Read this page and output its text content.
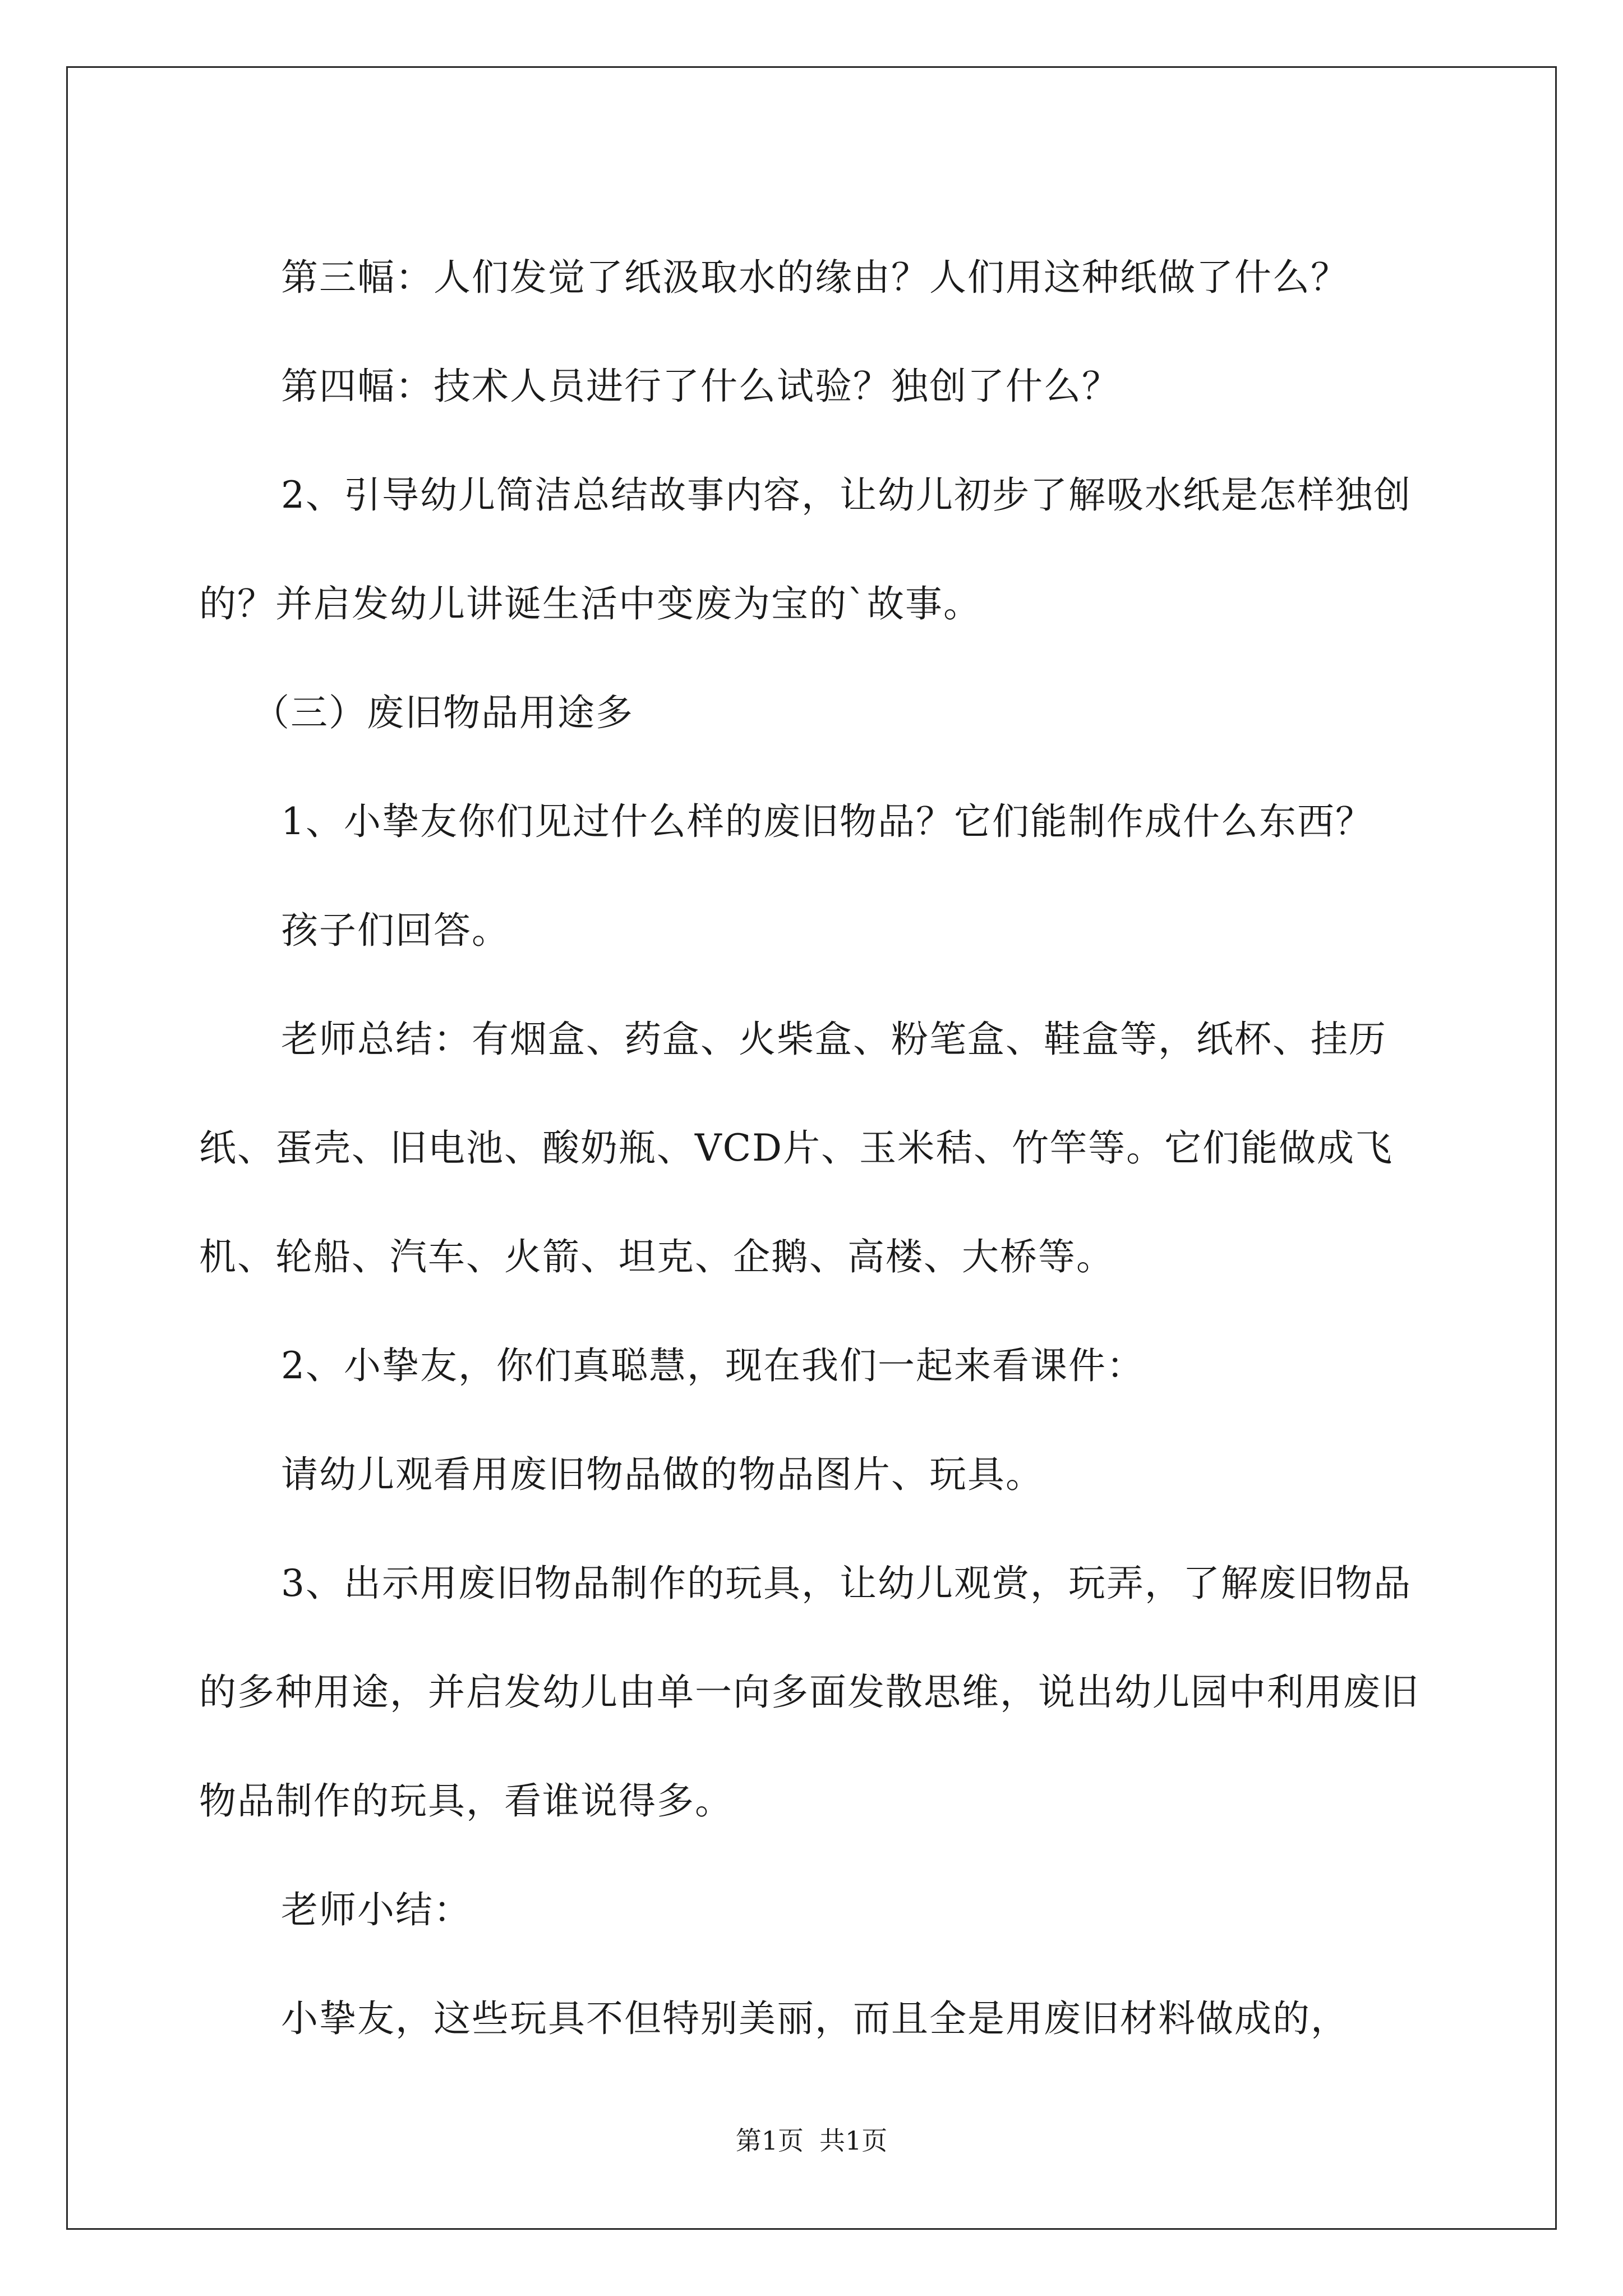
第三幅：人们发觉了纸汲取水的缘由？人们用这种纸做了什么？

第四幅：技术人员进行了什么试验？独创了什么？

2、引导幼儿简洁总结故事内容，让幼儿初步了解吸水纸是怎样独创的？并启发幼儿讲诞生活中变废为宝的`故事。

（三）废旧物品用途多

1、小挚友你们见过什么样的废旧物品？它们能制作成什么东西？

孩子们回答。

老师总结：有烟盒、药盒、火柴盒、粉笔盒、鞋盒等，纸杯、挂历纸、蛋壳、旧电池、酸奶瓶、VCD片、玉米秸、竹竿等。它们能做成飞机、轮船、汽车、火箭、坦克、企鹅、高楼、大桥等。

2、小挚友，你们真聪慧，现在我们一起来看课件：

请幼儿观看用废旧物品做的物品图片、玩具。

3、出示用废旧物品制作的玩具，让幼儿观赏，玩弄，了解废旧物品的多种用途，并启发幼儿由单一向多面发散思维，说出幼儿园中利用废旧物品制作的玩具，看谁说得多。

老师小结：

小挚友，这些玩具不但特别美丽，而且全是用废旧材料做成的，

第1页 共1页
